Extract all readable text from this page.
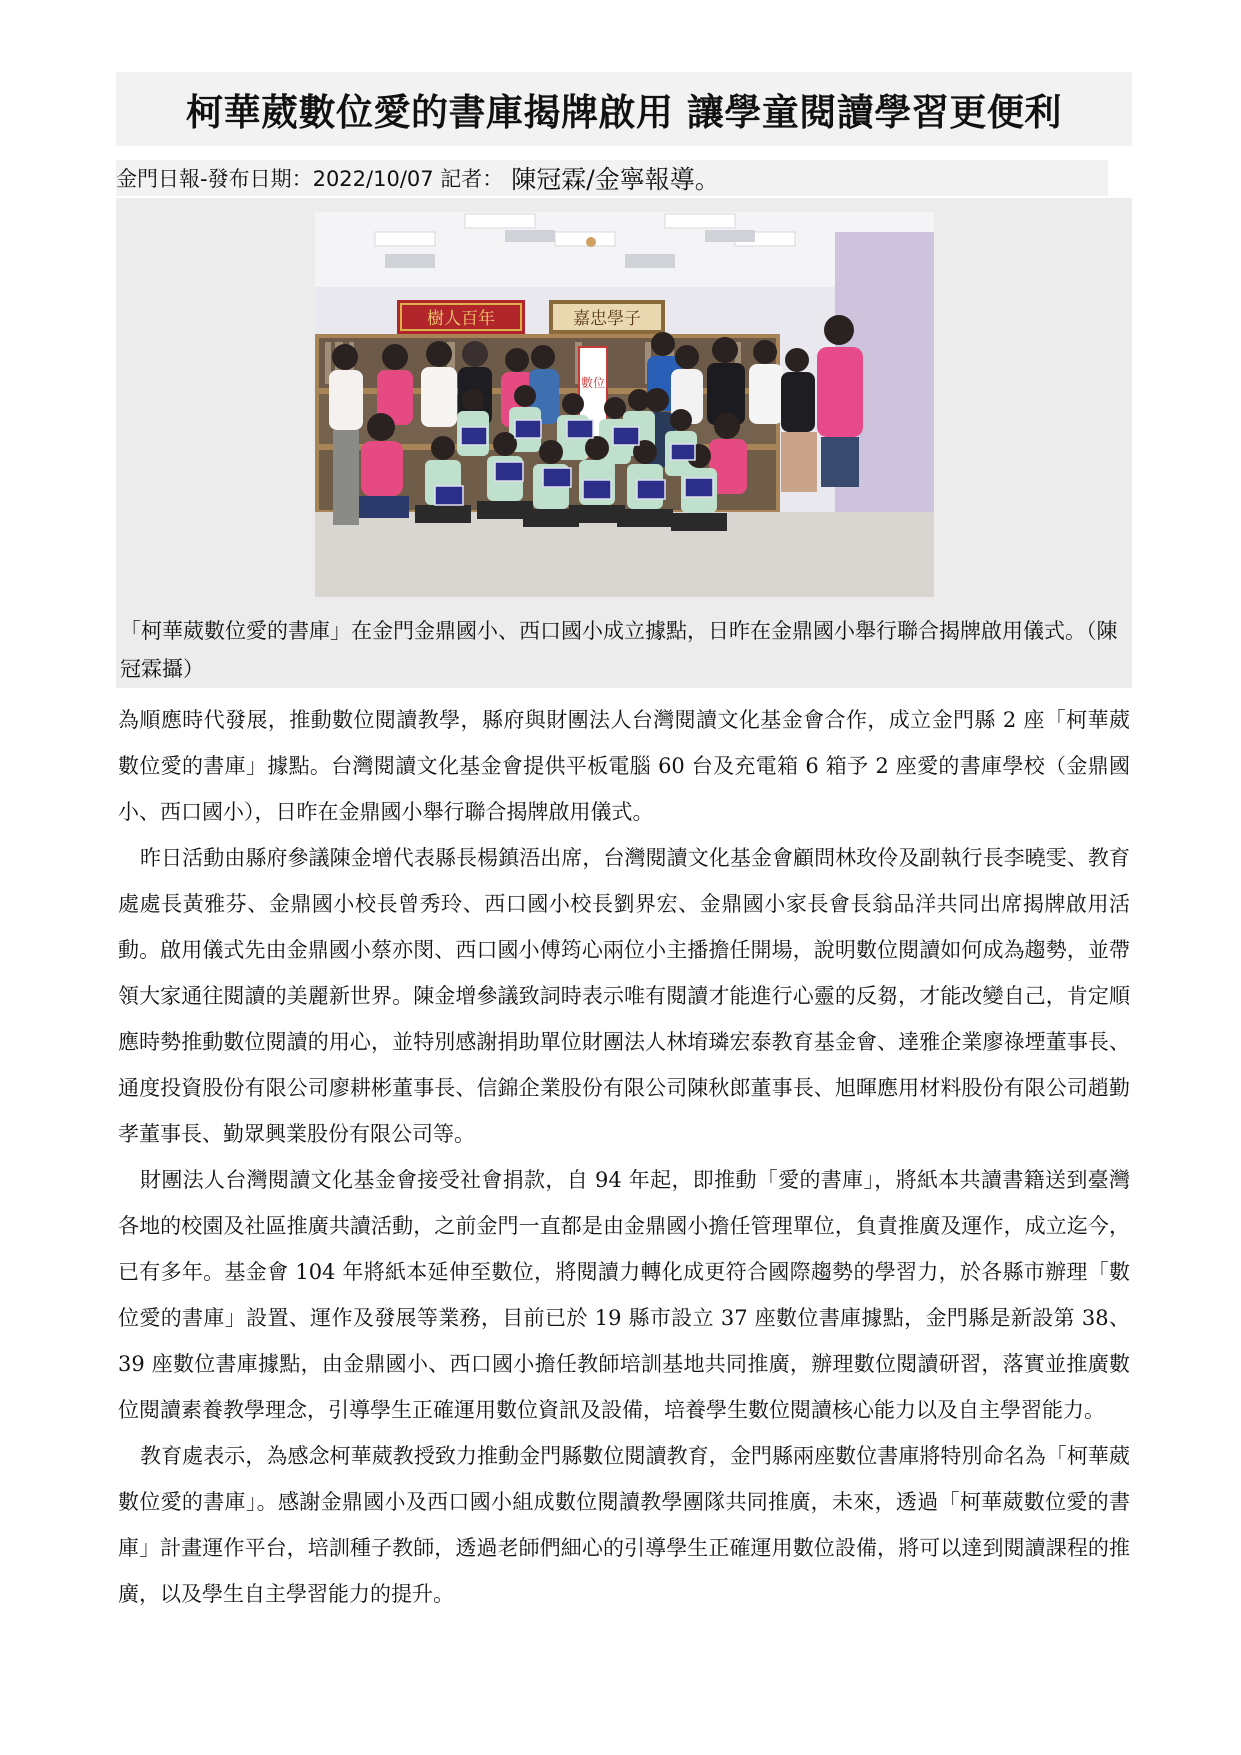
柯華葳數位愛的書庫揭牌啟用 讓學童閱讀學習更便利
金門日報-發布日期：2022/10/07 記者： 陳冠霖/金寧報導。
樹人百年	嘉忠學子
數位
「柯華葳數位愛的書庫」在金門金鼎國小、西口國小成立據點，日昨在金鼎國小舉行聯合揭牌啟用儀式。（陳冠霖攝）

為順應時代發展，推動數位閱讀教學，縣府與財團法人台灣閱讀文化基金會合作，成立金門縣 2 座「柯華葳數位愛的書庫」據點。台灣閱讀文化基金會提供平板電腦 60 台及充電箱 6 箱予 2 座愛的書庫學校（金鼎國小、西口國小），日昨在金鼎國小舉行聯合揭牌啟用儀式。

昨日活動由縣府參議陳金增代表縣長楊鎮浯出席，台灣閱讀文化基金會顧問林玫伶及副執行長李曉雯、教育處處長黃雅芬、金鼎國小校長曾秀玲、西口國小校長劉界宏、金鼎國小家長會長翁品洋共同出席揭牌啟用活動。啟用儀式先由金鼎國小蔡亦閔、西口國小傅筠心兩位小主播擔任開場，說明數位閱讀如何成為趨勢，並帶領大家通往閱讀的美麗新世界。陳金增參議致詞時表示唯有閱讀才能進行心靈的反芻，才能改變自己，肯定順應時勢推動數位閱讀的用心，並特別感謝捐助單位財團法人林堉璘宏泰教育基金會、達雅企業廖祿堙董事長、通度投資股份有限公司廖耕彬董事長、信錦企業股份有限公司陳秋郎董事長、旭暉應用材料股份有限公司趙勤孝董事長、勤眾興業股份有限公司等。

財團法人台灣閱讀文化基金會接受社會捐款，自 94 年起，即推動「愛的書庫」，將紙本共讀書籍送到臺灣各地的校園及社區推廣共讀活動，之前金門一直都是由金鼎國小擔任管理單位，負責推廣及運作，成立迄今，已有多年。基金會 104 年將紙本延伸至數位，將閱讀力轉化成更符合國際趨勢的學習力，於各縣市辦理「數位愛的書庫」設置、運作及發展等業務，目前已於 19 縣市設立 37 座數位書庫據點，金門縣是新設第 38、39 座數位書庫據點，由金鼎國小、西口國小擔任教師培訓基地共同推廣，辦理數位閱讀研習，落實並推廣數位閱讀素養教學理念，引導學生正確運用數位資訊及設備，培養學生數位閱讀核心能力以及自主學習能力。

教育處表示，為感念柯華葳教授致力推動金門縣數位閱讀教育，金門縣兩座數位書庫將特別命名為「柯華葳數位愛的書庫」。感謝金鼎國小及西口國小組成數位閱讀教學團隊共同推廣，未來，透過「柯華葳數位愛的書庫」計畫運作平台，培訓種子教師，透過老師們細心的引導學生正確運用數位設備，將可以達到閱讀課程的推廣，以及學生自主學習能力的提升。
